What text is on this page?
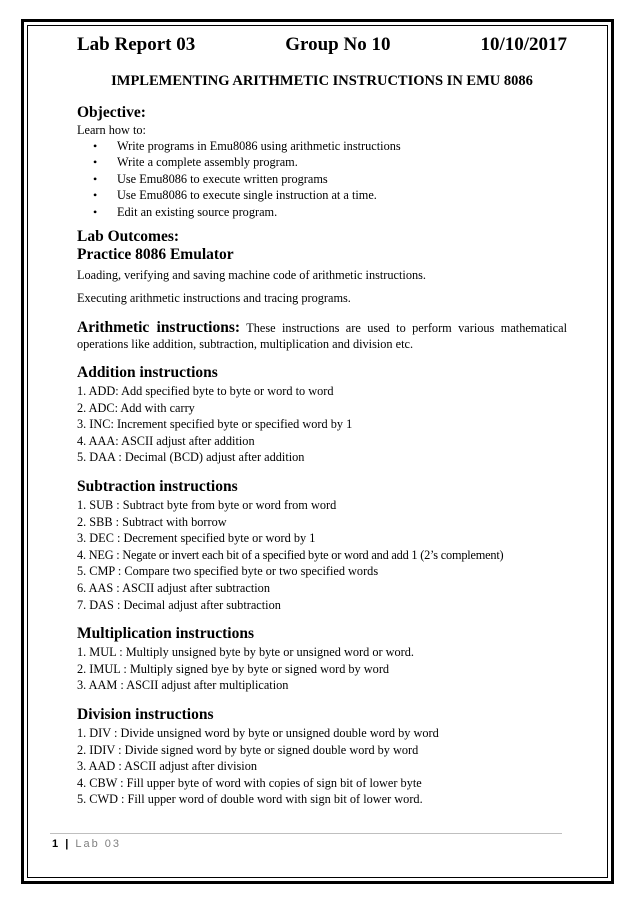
Lab Report 03	Group No 10	10/10/2017
IMPLEMENTING ARITHMETIC INSTRUCTIONS IN EMU 8086
Objective:

Learn how to:

• Write programs in Emu8086 using arithmetic instructions
• Write a complete assembly program.
• Use Emu8086 to execute written programs
• Use Emu8086 to execute single instruction at a time.
• Edit an existing source program.
Lab Outcomes:
Practice 8086 Emulator

Loading, verifying and saving machine code of arithmetic instructions.

Executing arithmetic instructions and tracing programs.

Arithmetic instructions: These instructions are used to perform various mathematical operations like addition, subtraction, multiplication and division etc.
Addition instructions
1. ADD: Add specified byte to byte or word to word
2. ADC: Add with carry
3. INC: Increment specified byte or specified word by 1
4. AAA: ASCII adjust after addition
5. DAA : Decimal (BCD) adjust after addition
Subtraction instructions
1. SUB : Subtract byte from byte or word from word
2. SBB : Subtract with borrow
3. DEC : Decrement specified byte or word by 1
4. NEG : Negate or invert each bit of a specified byte or word and add 1 (2’s complement)
5. CMP : Compare two specified byte or two specified words
6. AAS : ASCII adjust after subtraction
7. DAS : Decimal adjust after subtraction
Multiplication instructions
1. MUL : Multiply unsigned byte by byte or unsigned word or word.
2. IMUL : Multiply signed bye by byte or signed word by word
3. AAM : ASCII adjust after multiplication
Division instructions
1. DIV : Divide unsigned word by byte or unsigned double word by word
2. IDIV : Divide signed word by byte or signed double word by word
3. AAD : ASCII adjust after division
4. CBW : Fill upper byte of word with copies of sign bit of lower byte
5. CWD : Fill upper word of double word with sign bit of lower word.
1 | Lab 03
